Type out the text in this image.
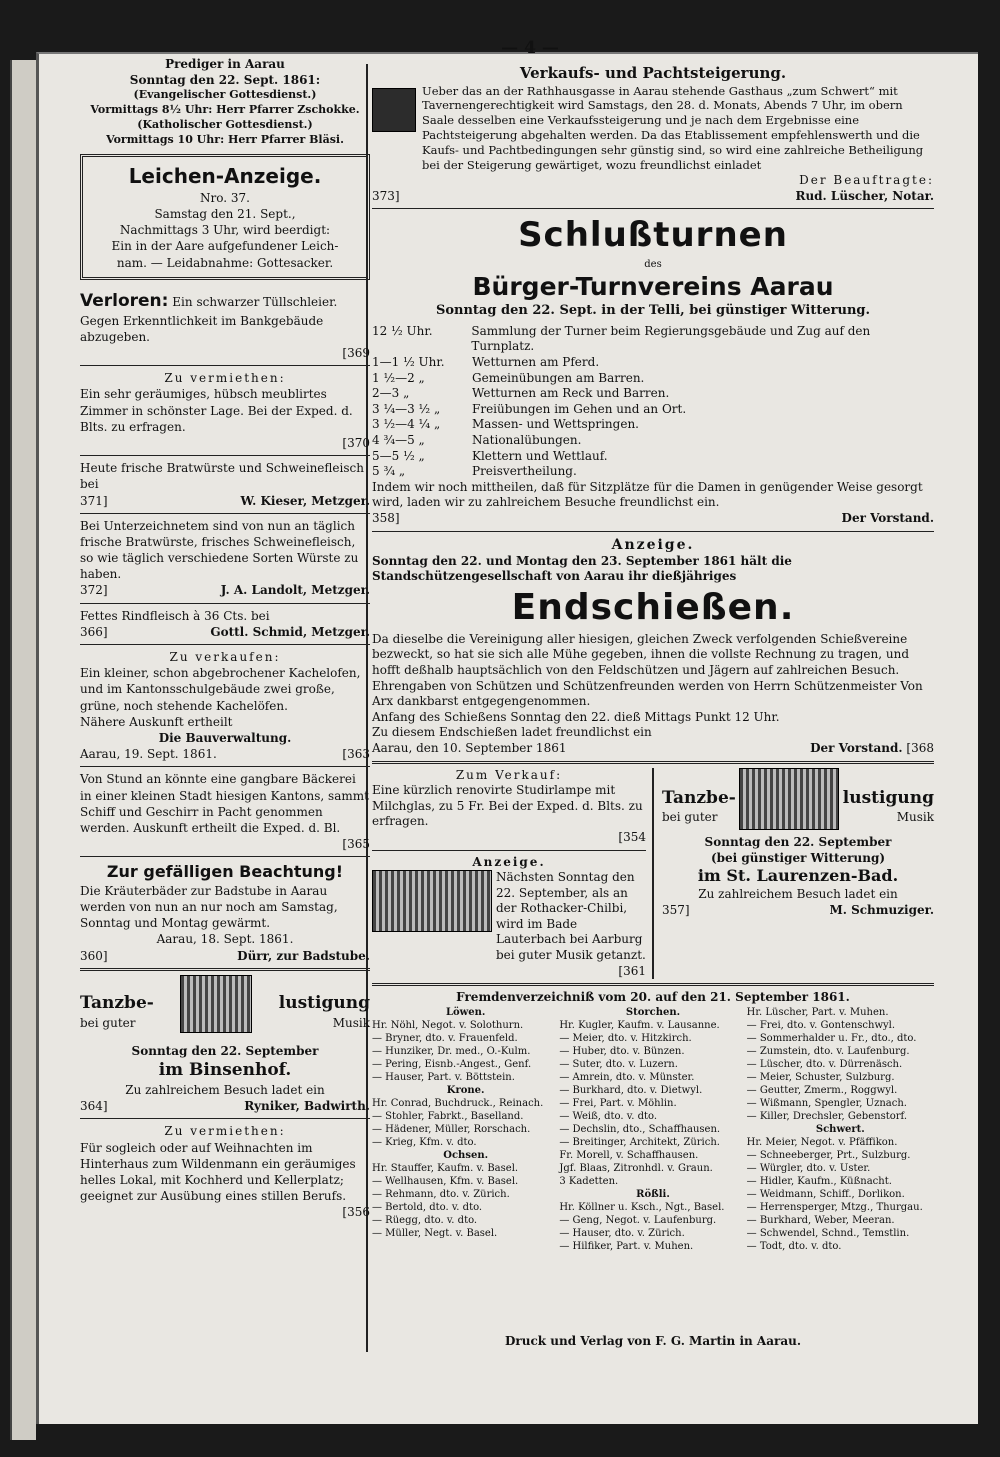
— 4 —
Prediger in Aarau
Sonntag den 22. Sept. 1861:
(Evangelischer Gottesdienst.)
Vormittags 8½ Uhr: Herr Pfarrer Zschokke.
(Katholischer Gottesdienst.)
Vormittags 10 Uhr: Herr Pfarrer Bläsi.
Leichen-Anzeige.
Nro. 37.
Samstag den 21. Sept.,
Nachmittags 3 Uhr, wird beerdigt:
Ein in der Aare aufgefundener Leich-
nam. — Leidabnahme: Gottesacker.
Verloren: Ein schwarzer Tüllschleier. Gegen Erkenntlichkeit im Bankgebäude abzugeben.
[369
Zu vermiethen:
Ein sehr geräumiges, hübsch meublirtes Zimmer in schönster Lage. Bei der Exped. d. Blts. zu erfragen.
[370
Heute frische Bratwürste und Schweinefleisch bei
371]	W. Kieser, Metzger.
Bei Unterzeichnetem sind von nun an täglich frische Bratwürste, frisches Schweinefleisch, so wie täglich verschiedene Sorten Würste zu haben.
372]	J. A. Landolt, Metzger.
Fettes Rindfleisch à 36 Cts. bei
366]	Gottl. Schmid, Metzger.
Zu verkaufen:
Ein kleiner, schon abgebrochener Kachelofen, und im Kantonsschulgebäude zwei große, grüne, noch stehende Kachelöfen.
Nähere Auskunft ertheilt
Die Bauverwaltung.
Aarau, 19. Sept. 1861.	[363
Von Stund an könnte eine gangbare Bäckerei in einer kleinen Stadt hiesigen Kantons, sammt Schiff und Geschirr in Pacht genommen werden. Auskunft ertheilt die Exped. d. Bl.
[365
Zur gefälligen Beachtung!
Die Kräuterbäder zur Badstube in Aarau werden von nun an nur noch am Samstag, Sonntag und Montag gewärmt.
Aarau, 18. Sept. 1861.
360]	Dürr, zur Badstube.
Tanzbe-	lustigung
bei guter	Musik
Sonntag den 22. September
im Binsenhof.
Zu zahlreichem Besuch ladet ein
364]	Ryniker, Badwirth.
Zu vermiethen:
Für sogleich oder auf Weihnachten im Hinterhaus zum Wildenmann ein geräumiges helles Lokal, mit Kochherd und Kellerplatz; geeignet zur Ausübung eines stillen Berufs.
[356
Verkaufs- und Pachtsteigerung.
Ueber das an der Rathhausgasse in Aarau stehende Gasthaus „zum Schwert“ mit Tavernengerechtigkeit wird Samstags, den 28. d. Monats, Abends 7 Uhr, im obern Saale desselben eine Verkaufssteigerung und je nach dem Ergebnisse eine Pachtsteigerung abgehalten werden. Da das Etablissement empfehlenswerth und die Kaufs- und Pachtbedingungen sehr günstig sind, so wird eine zahlreiche Betheiligung bei der Steigerung gewärtiget, wozu freundlichst einladet
Der Beauftragte:
373]	Rud. Lüscher, Notar.
Schlußturnen
des
Bürger-Turnvereins Aarau
Sonntag den 22. Sept. in der Telli, bei günstiger Witterung.
12 ½ Uhr.	Sammlung der Turner beim Regierungsgebäude und Zug auf den Turnplatz.
1—1 ½ Uhr.	Wetturnen am Pferd.
1 ½—2 „	Gemeinübungen am Barren.
2—3 „	Wetturnen am Reck und Barren.
3 ¼—3 ½ „	Freiübungen im Gehen und an Ort.
3 ½—4 ¼ „	Massen- und Wettspringen.
4 ¾—5 „	Nationalübungen.
5—5 ½ „	Klettern und Wettlauf.
5 ¾ „	Preisvertheilung.
Indem wir noch mittheilen, daß für Sitzplätze für die Damen in genügender Weise gesorgt wird, laden wir zu zahlreichem Besuche freundlichst ein.
358]	Der Vorstand.
Anzeige.
Sonntag den 22. und Montag den 23. September 1861 hält die Standschützengesellschaft von Aarau ihr dießjähriges
Endschießen.
Da dieselbe die Vereinigung aller hiesigen, gleichen Zweck verfolgenden Schießvereine bezweckt, so hat sie sich alle Mühe gegeben, ihnen die vollste Rechnung zu tragen, und hofft deßhalb hauptsächlich von den Feldschützen und Jägern auf zahlreichen Besuch.
Ehrengaben von Schützen und Schützenfreunden werden von Herrn Schützenmeister Von Arx dankbarst entgegengenommen.
Anfang des Schießens Sonntag den 22. dieß Mittags Punkt 12 Uhr.
Zu diesem Endschießen ladet freundlichst ein
Aarau, den 10. September 1861	Der Vorstand. [368
Zum Verkauf:
Eine kürzlich renovirte Studirlampe mit Milchglas, zu 5 Fr. Bei der Exped. d. Blts. zu erfragen.
[354
Anzeige.
Nächsten Sonntag den 22. September, als an der Rothacker-Chilbi, wird im Bade Lauterbach bei Aarburg bei guter Musik getanzt.
[361
Tanzbe-	lustigung
bei guter	Musik
Sonntag den 22. September
(bei günstiger Witterung)
im St. Laurenzen-Bad.
Zu zahlreichem Besuch ladet ein
357]	M. Schmuziger.
Fremdenverzeichniß vom 20. auf den 21. September 1861.
Löwen.
Hr. Nöhl, Negot. v. Solothurn.
— Bryner, dto. v. Frauenfeld.
— Hunziker, Dr. med., O.-Kulm.
— Pering, Eisnb.-Angest., Genf.
— Hauser, Part. v. Böttstein.
Krone.
Hr. Conrad, Buchdruck., Reinach.
— Stohler, Fabrkt., Baselland.
— Hädener, Müller, Rorschach.
— Krieg, Kfm. v. dto.
Ochsen.
Hr. Stauffer, Kaufm. v. Basel.
— Wellhausen, Kfm. v. Basel.
— Rehmann, dto. v. Zürich.
— Bertold, dto. v. dto.
— Rüegg, dto. v. dto.
— Müller, Negt. v. Basel.
Storchen.
Hr. Kugler, Kaufm. v. Lausanne.
— Meier, dto. v. Hitzkirch.
— Huber, dto. v. Bünzen.
— Suter, dto. v. Luzern.
— Amrein, dto. v. Münster.
— Burkhard, dto. v. Dietwyl.
— Frei, Part. v. Möhlin.
— Weiß, dto. v. dto.
— Dechslin, dto., Schaffhausen.
— Breitinger, Architekt, Zürich.
Fr. Morell, v. Schaffhausen.
Jgf. Blaas, Zitronhdl. v. Graun.
3 Kadetten.
Rößli.
Hr. Köllner u. Ksch., Ngt., Basel.
— Geng, Negot. v. Laufenburg.
— Hauser, dto. v. Zürich.
— Hilfiker, Part. v. Muhen.
Hr. Lüscher, Part. v. Muhen.
— Frei, dto. v. Gontenschwyl.
— Sommerhalder u. Fr., dto., dto.
— Zumstein, dto. v. Laufenburg.
— Lüscher, dto. v. Dürrenäsch.
— Meier, Schuster, Sulzburg.
— Geutter, Zmerm., Roggwyl.
— Wißmann, Spengler, Uznach.
— Killer, Drechsler, Gebenstorf.
Schwert.
Hr. Meier, Negot. v. Pfäffikon.
— Schneeberger, Prt., Sulzburg.
— Würgler, dto. v. Uster.
— Hidler, Kaufm., Küßnacht.
— Weidmann, Schiff., Dorlikon.
— Herrensperger, Mtzg., Thurgau.
— Burkhard, Weber, Meeran.
— Schwendel, Schnd., Temstlin.
— Todt, dto. v. dto.
Druck und Verlag von F. G. Martin in Aarau.
